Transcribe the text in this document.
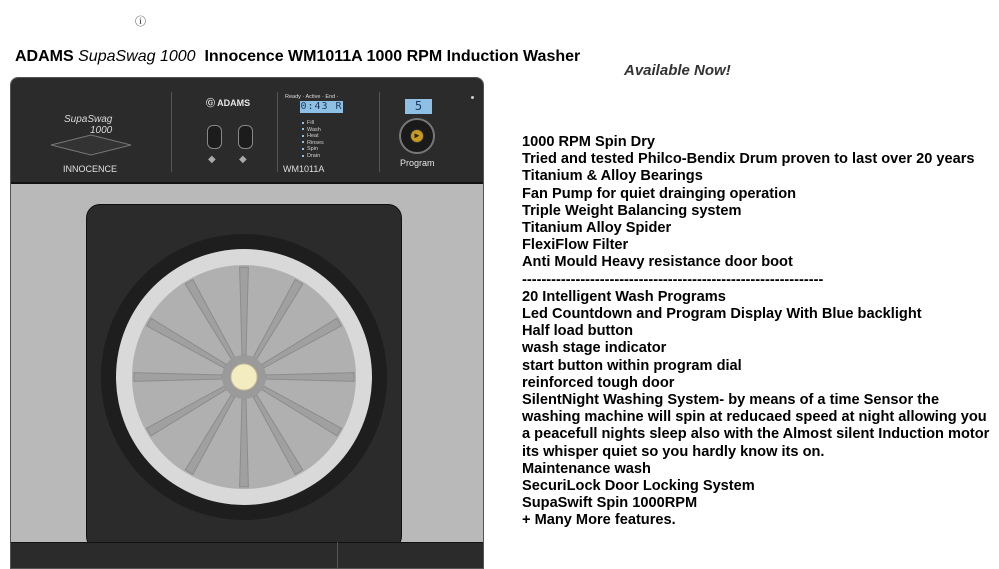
ⓘ
ADAMS SupaSwag 1000 Innocence WM1011A 1000 RPM Induction Washer
Available Now!
SupaSwag
1000
INNOCENCE
Ⓖ ADAMS
◆ ◆
Ready · Active · End ·
0:43 R
Fill
Wash
Heat
Rinses
Spin
Drain
WM1011A
5
►
Program
1000 RPM Spin Dry
Tried and tested Philco-Bendix Drum proven to last over 20 years
Titanium & Alloy Bearings
Fan Pump for quiet drainging operation
Triple Weight Balancing system
Titanium Alloy Spider
FlexiFlow Filter
Anti Mould Heavy resistance door boot
--------------------------------------------------------------
20 Intelligent Wash Programs
Led Countdown and Program Display With Blue backlight
Half load button
wash stage indicator
start button within program dial
reinforced tough door
SilentNight Washing System- by means of a time Sensor the washing machine will spin at reducaed speed at night allowing you a peacefull nights sleep also with the Almost silent Induction motor its whisper quiet so you hardly know its on.
Maintenance wash
SecuriLock Door Locking System
SupaSwift Spin 1000RPM
+ Many More features.
